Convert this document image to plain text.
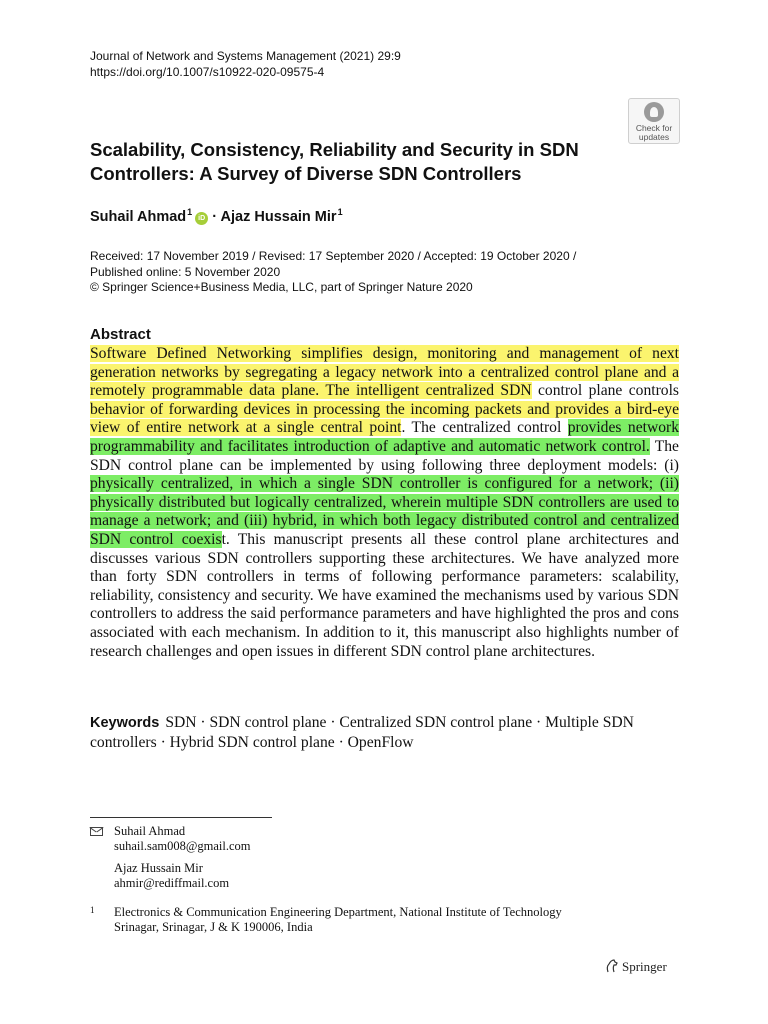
Journal of Network and Systems Management (2021) 29:9
https://doi.org/10.1007/s10922-020-09575-4
Check for
updates
Scalability, Consistency, Reliability and Security in SDN Controllers: A Survey of Diverse SDN Controllers
Suhail Ahmad$^1$iD · Ajaz Hussain Mir$^1$
Received: 17 November 2019 / Revised: 17 September 2020 / Accepted: 19 October 2020 /
Published online: 5 November 2020
© Springer Science+Business Media, LLC, part of Springer Nature 2020
Abstract
Software Defined Networking simplifies design, monitoring and management of next generation networks by segregating a legacy network into a centralized control plane and a remotely programmable data plane. The intelligent centralized SDN control plane controls behavior of forwarding devices in processing the incoming packets and provides a bird-eye view of entire network at a single central point. The centralized control provides network programmability and facilitates introduction of adaptive and automatic network control. The SDN control plane can be implemented by using following three deployment models: (i) physically centralized, in which a single SDN controller is configured for a network; (ii) physically distributed but logically centralized, wherein multiple SDN controllers are used to manage a network; and (iii) hybrid, in which both legacy distributed control and centralized SDN control coexist. This manuscript presents all these control plane architectures and discusses various SDN controllers supporting these architectures. We have analyzed more than forty SDN controllers in terms of following performance parameters: scalability, reliability, consistency and security. We have examined the mechanisms used by various SDN controllers to address the said performance parameters and have highlighted the pros and cons associated with each mechanism. In addition to it, this manuscript also highlights number of research challenges and open issues in different SDN control plane architectures.
Keywords SDN · SDN control plane · Centralized SDN control plane · Multiple SDN controllers · Hybrid SDN control plane · OpenFlow
Suhail Ahmad
suhail.sam008@gmail.com
Ajaz Hussain Mir
ahmir@rediffmail.com
1 Electronics & Communication Engineering Department, National Institute of Technology
Srinagar, Srinagar, J & K 190006, India
Springer
